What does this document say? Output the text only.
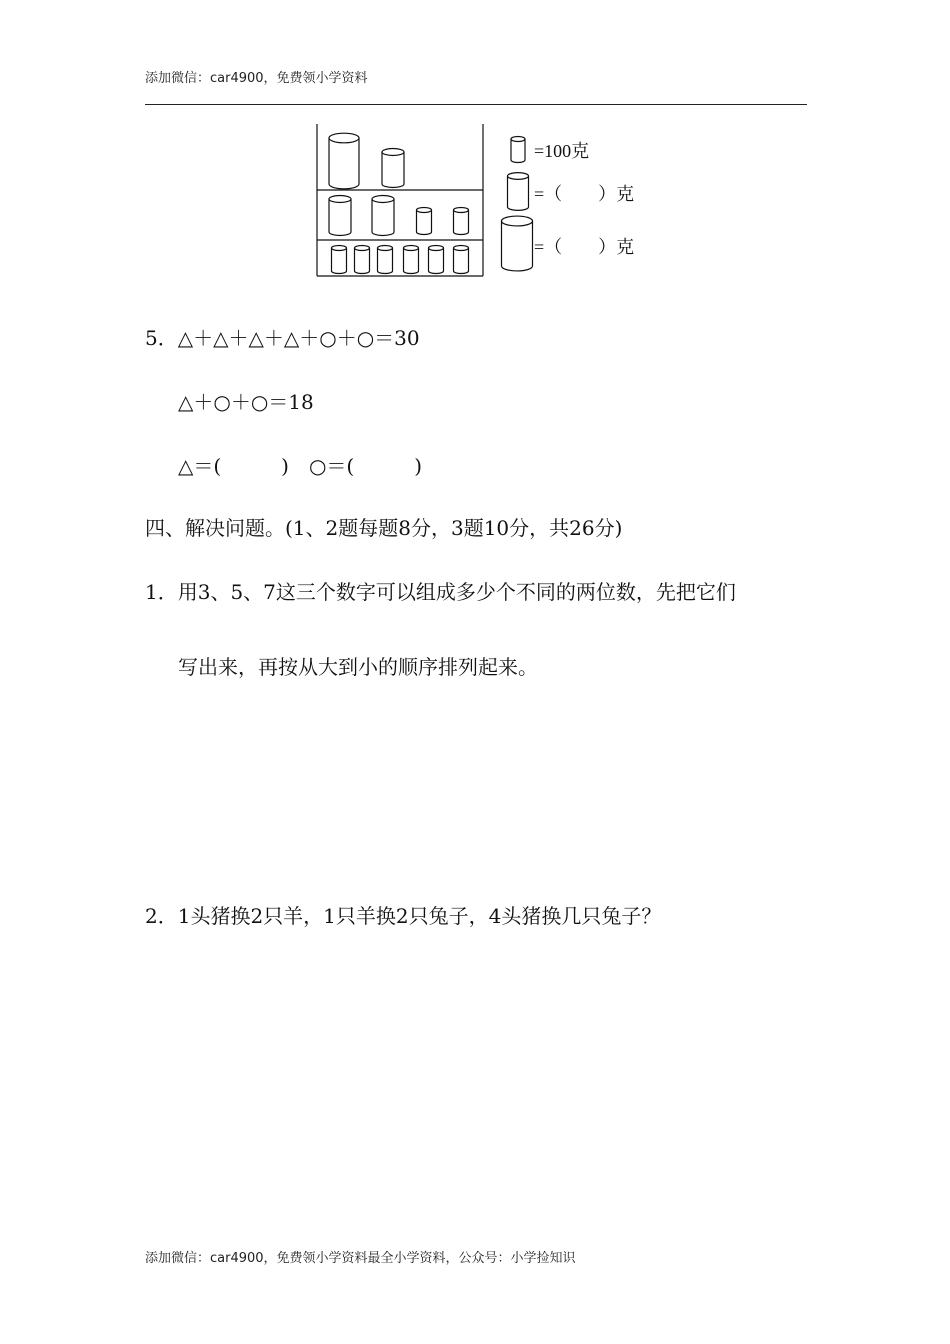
添加微信：car4900，免费领小学资料
=100克
=（　　）克
=（　　）克
5．△＋△＋△＋△＋○＋○＝30
△＋○＋○＝18
△＝(　　　)　○＝(　　　)
四、解决问题。(1、2题每题8分，3题10分，共26分)
1．用3、5、7这三个数字可以组成多少个不同的两位数，先把它们
写出来，再按从大到小的顺序排列起来。
2．1头猪换2只羊，1只羊换2只兔子，4头猪换几只兔子？
添加微信：car4900，免费领小学资料最全小学资料，公众号：小学捡知识
